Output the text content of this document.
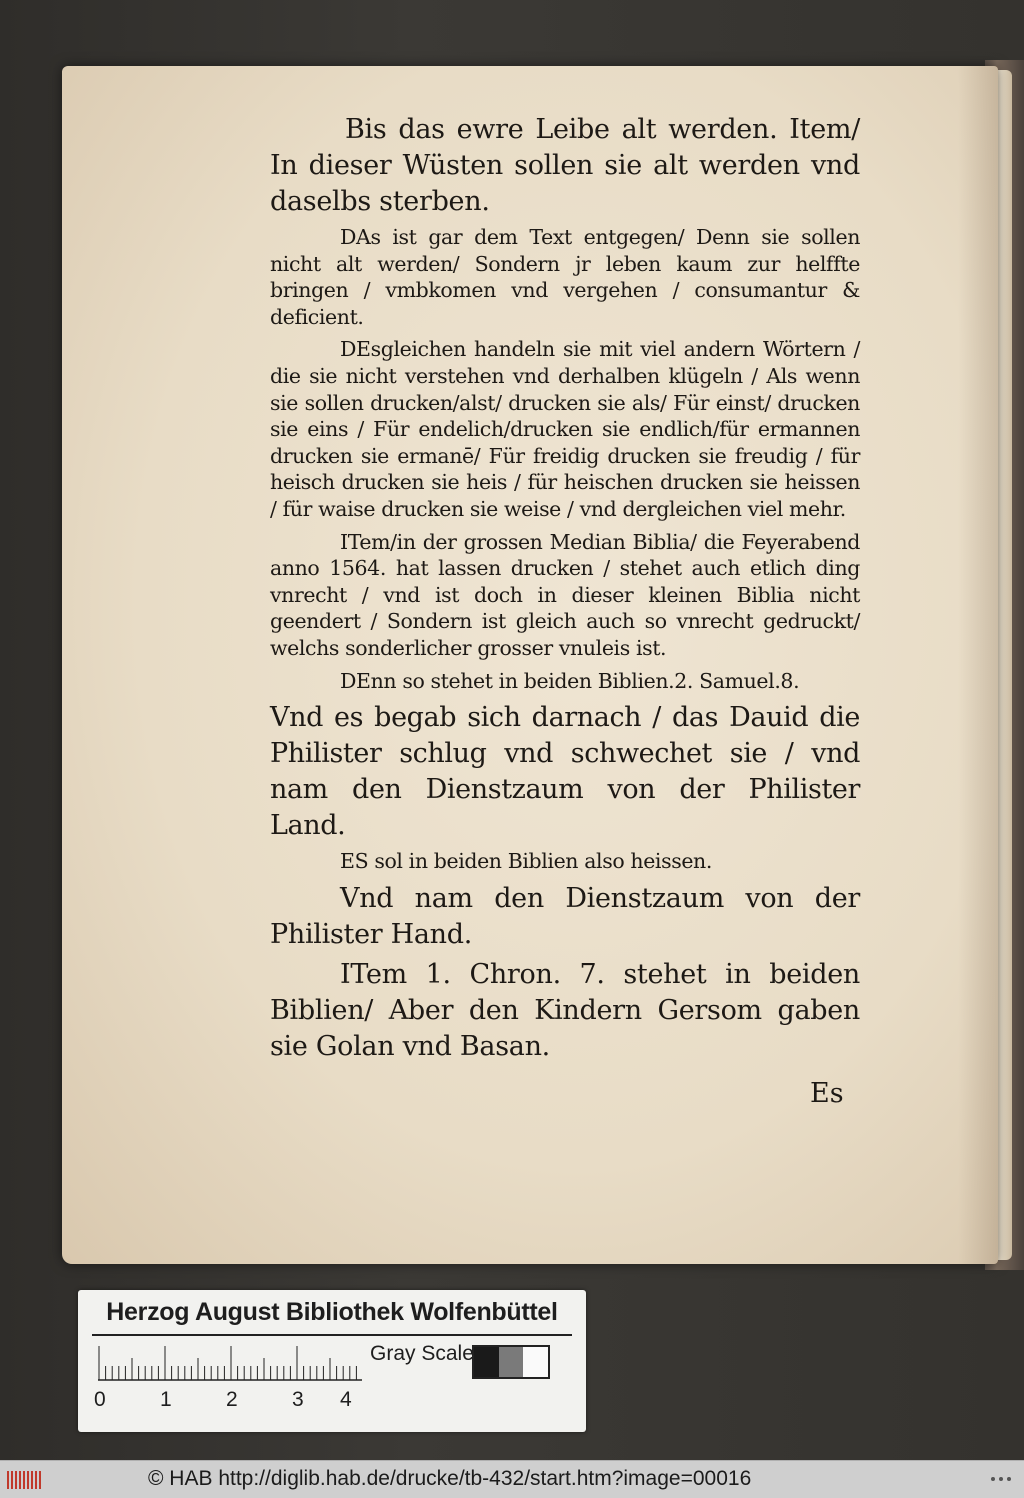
Bis das ewre Leibe alt werden. Item/ In dieser Wüsten sollen sie alt werden vnd daselbs sterben.

DAs ist gar dem Text entgegen/ Denn sie sollen nicht alt werden/ Sondern jr leben kaum zur helffte bringen / vmbkomen vnd vergehen / consumantur & deficient.

DEsgleichen handeln sie mit viel andern Wörtern / die sie nicht verstehen vnd derhalben klügeln / Als wenn sie sollen drucken/alst/ drucken sie als/ Für einst/ drucken sie eins / Für endelich/drucken sie endlich/für ermannen drucken sie ermanē/ Für freidig drucken sie freudig / für heisch drucken sie heis / für heischen drucken sie heissen / für waise drucken sie weise / vnd dergleichen viel mehr.

ITem/in der grossen Median Biblia/ die Feyerabend anno 1564. hat lassen drucken / stehet auch etlich ding vnrecht / vnd ist doch in dieser kleinen Biblia nicht geendert / Sondern ist gleich auch so vnrecht gedruckt/ welchs sonderlicher grosser vnuleis ist.

DEnn so stehet in beiden Biblien.2. Samuel.8.

Vnd es begab sich darnach / das Dauid die Philister schlug vnd schwechet sie / vnd nam den Dienstzaum von der Philister Land.

ES sol in beiden Biblien also heissen.

Vnd nam den Dienstzaum von der Philister Hand.

ITem 1. Chron. 7. stehet in beiden Biblien/ Aber den Kindern Gersom gaben sie Golan vnd Basan.

Es
Herzog August Bibliothek Wolfenbüttel
Gray Scale
0	1	2	3 4
© HAB http://diglib.hab.de/drucke/tb-432/start.htm?image=00016
